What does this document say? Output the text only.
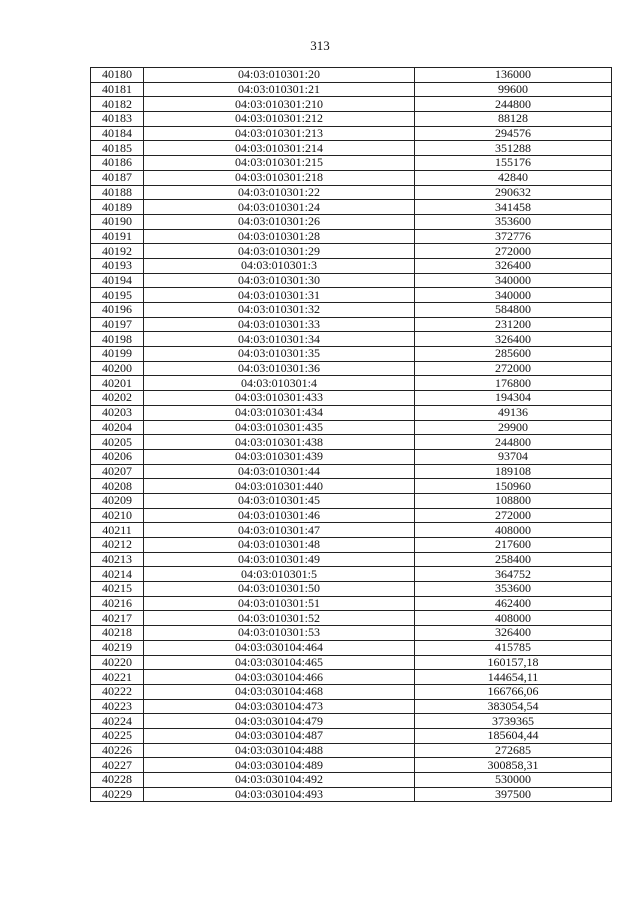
313
40180	04:03:010301:20	136000
40181	04:03:010301:21	99600
40182	04:03:010301:210	244800
40183	04:03:010301:212	88128
40184	04:03:010301:213	294576
40185	04:03:010301:214	351288
40186	04:03:010301:215	155176
40187	04:03:010301:218	42840
40188	04:03:010301:22	290632
40189	04:03:010301:24	341458
40190	04:03:010301:26	353600
40191	04:03:010301:28	372776
40192	04:03:010301:29	272000
40193	04:03:010301:3	326400
40194	04:03:010301:30	340000
40195	04:03:010301:31	340000
40196	04:03:010301:32	584800
40197	04:03:010301:33	231200
40198	04:03:010301:34	326400
40199	04:03:010301:35	285600
40200	04:03:010301:36	272000
40201	04:03:010301:4	176800
40202	04:03:010301:433	194304
40203	04:03:010301:434	49136
40204	04:03:010301:435	29900
40205	04:03:010301:438	244800
40206	04:03:010301:439	93704
40207	04:03:010301:44	189108
40208	04:03:010301:440	150960
40209	04:03:010301:45	108800
40210	04:03:010301:46	272000
40211	04:03:010301:47	408000
40212	04:03:010301:48	217600
40213	04:03:010301:49	258400
40214	04:03:010301:5	364752
40215	04:03:010301:50	353600
40216	04:03:010301:51	462400
40217	04:03:010301:52	408000
40218	04:03:010301:53	326400
40219	04:03:030104:464	415785
40220	04:03:030104:465	160157,18
40221	04:03:030104:466	144654,11
40222	04:03:030104:468	166766,06
40223	04:03:030104:473	383054,54
40224	04:03:030104:479	3739365
40225	04:03:030104:487	185604,44
40226	04:03:030104:488	272685
40227	04:03:030104:489	300858,31
40228	04:03:030104:492	530000
40229	04:03:030104:493	397500
